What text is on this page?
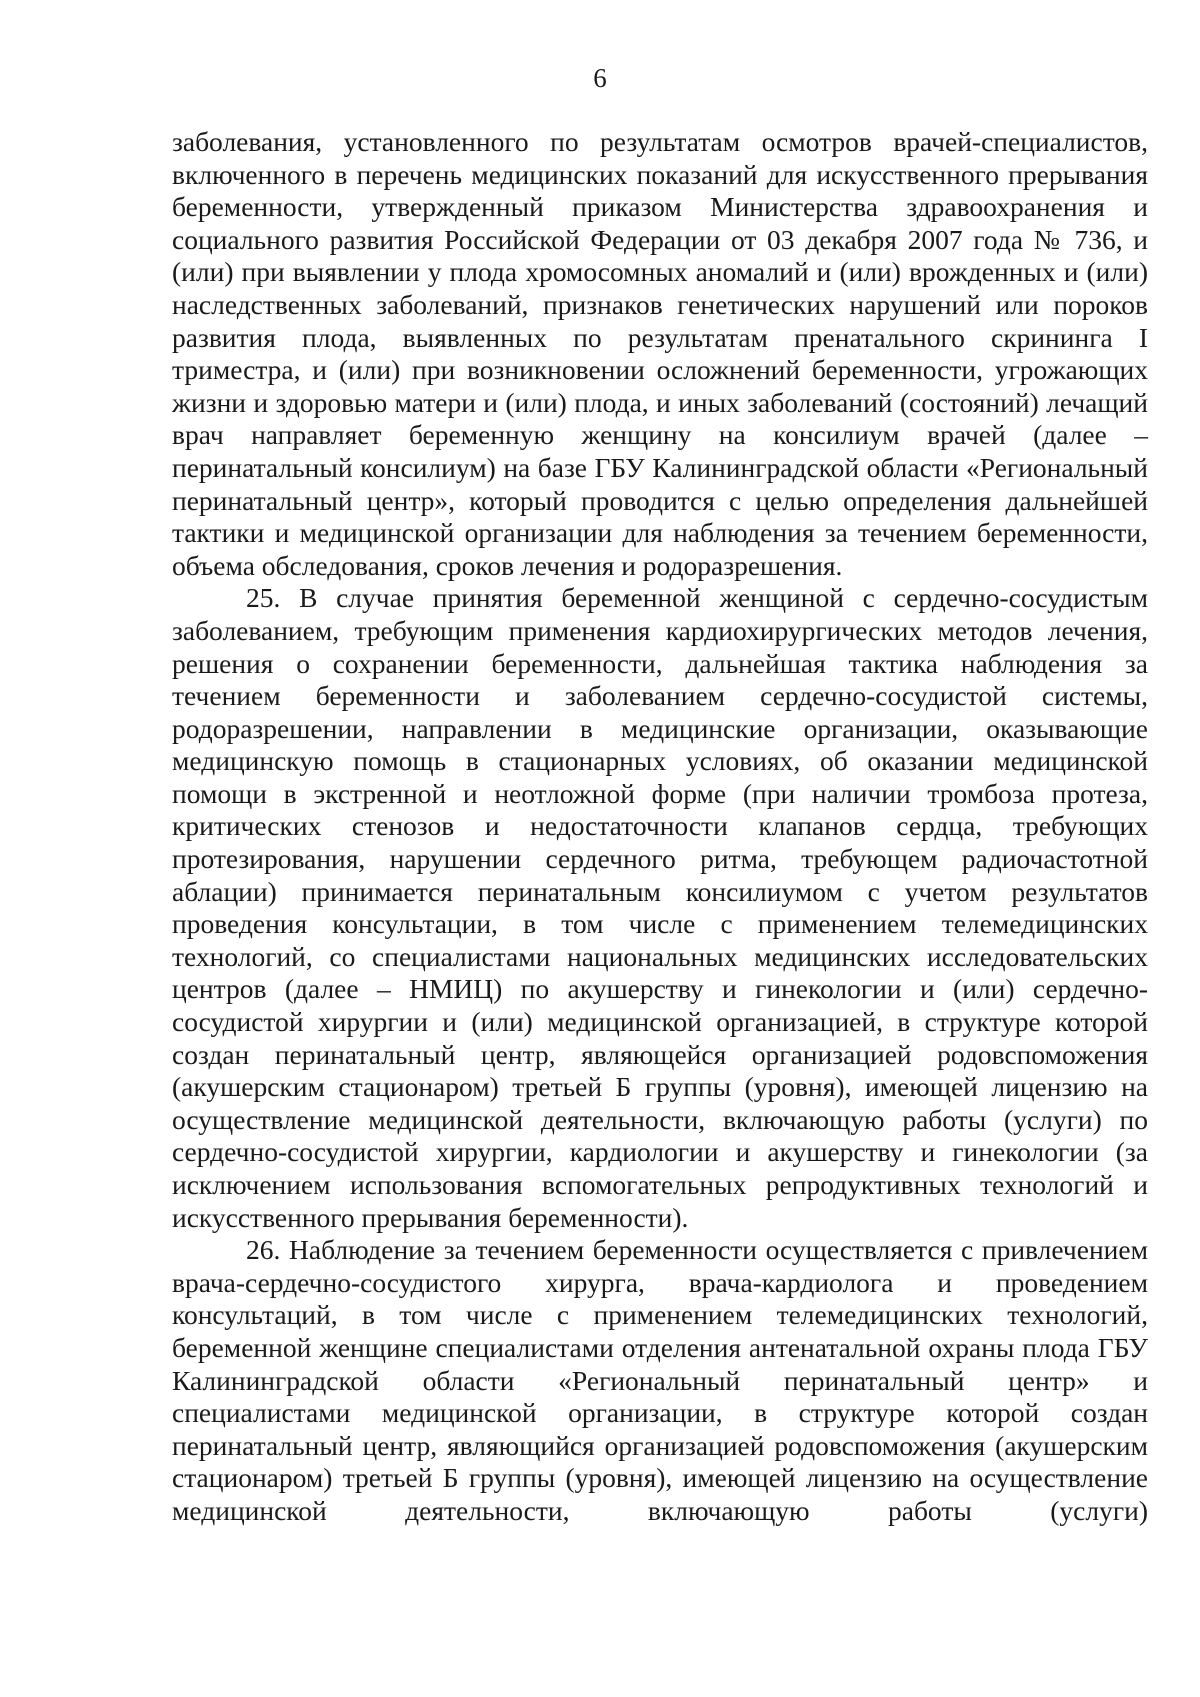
6

заболевания, установленного по результатам осмотров врачей-специалистов, включенного в перечень медицинских показаний для искусственного прерывания беременности, утвержденный приказом Министерства здравоохранения и социального развития Российской Федерации от 03 декабря 2007 года № 736, и (или) при выявлении у плода хромосомных аномалий и (или) врожденных и (или) наследственных заболеваний, признаков генетических нарушений или пороков развития плода, выявленных по результатам пренатального скрининга I триместра, и (или) при возникновении осложнений беременности, угрожающих жизни и здоровью матери и (или) плода, и иных заболеваний (состояний) лечащий врач направляет беременную женщину на консилиум врачей (далее – перинатальный консилиум) на базе ГБУ Калининградской области «Региональный перинатальный центр», который проводится с целью определения дальнейшей тактики и медицинской организации для наблюдения за течением беременности, объема обследования, сроков лечения и родоразрешения.

25. В случае принятия беременной женщиной с сердечно-сосудистым заболеванием, требующим применения кардиохирургических методов лечения, решения о сохранении беременности, дальнейшая тактика наблюдения за течением беременности и заболеванием сердечно-сосудистой системы, родоразрешении, направлении в медицинские организации, оказывающие медицинскую помощь в стационарных условиях, об оказании медицинской помощи в экстренной и неотложной форме (при наличии тромбоза протеза, критических стенозов и недостаточности клапанов сердца, требующих протезирования, нарушении сердечного ритма, требующем радиочастотной аблации) принимается перинатальным консилиумом с учетом результатов проведения консультации, в том числе с применением телемедицинских технологий, со специалистами национальных медицинских исследовательских центров (далее – НМИЦ) по акушерству и гинекологии и (или) сердечно-сосудистой хирургии и (или) медицинской организацией, в структуре которой создан перинатальный центр, являющейся организацией родовспоможения (акушерским стационаром) третьей Б группы (уровня), имеющей лицензию на осуществление медицинской деятельности, включающую работы (услуги) по сердечно-сосудистой хирургии, кардиологии и акушерству и гинекологии (за исключением использования вспомогательных репродуктивных технологий и искусственного прерывания беременности).

26. Наблюдение за течением беременности осуществляется с привлечением врача-сердечно-сосудистого хирурга, врача-кардиолога и проведением консультаций, в том числе с применением телемедицинских технологий, беременной женщине специалистами отделения антенатальной охраны плода ГБУ Калининградской области «Региональный перинатальный центр» и специалистами медицинской организации, в структуре которой создан перинатальный центр, являющийся организацией родовспоможения (акушерским стационаром) третьей Б группы (уровня), имеющей лицензию на осуществление медицинской деятельности, включающую работы (услуги)
